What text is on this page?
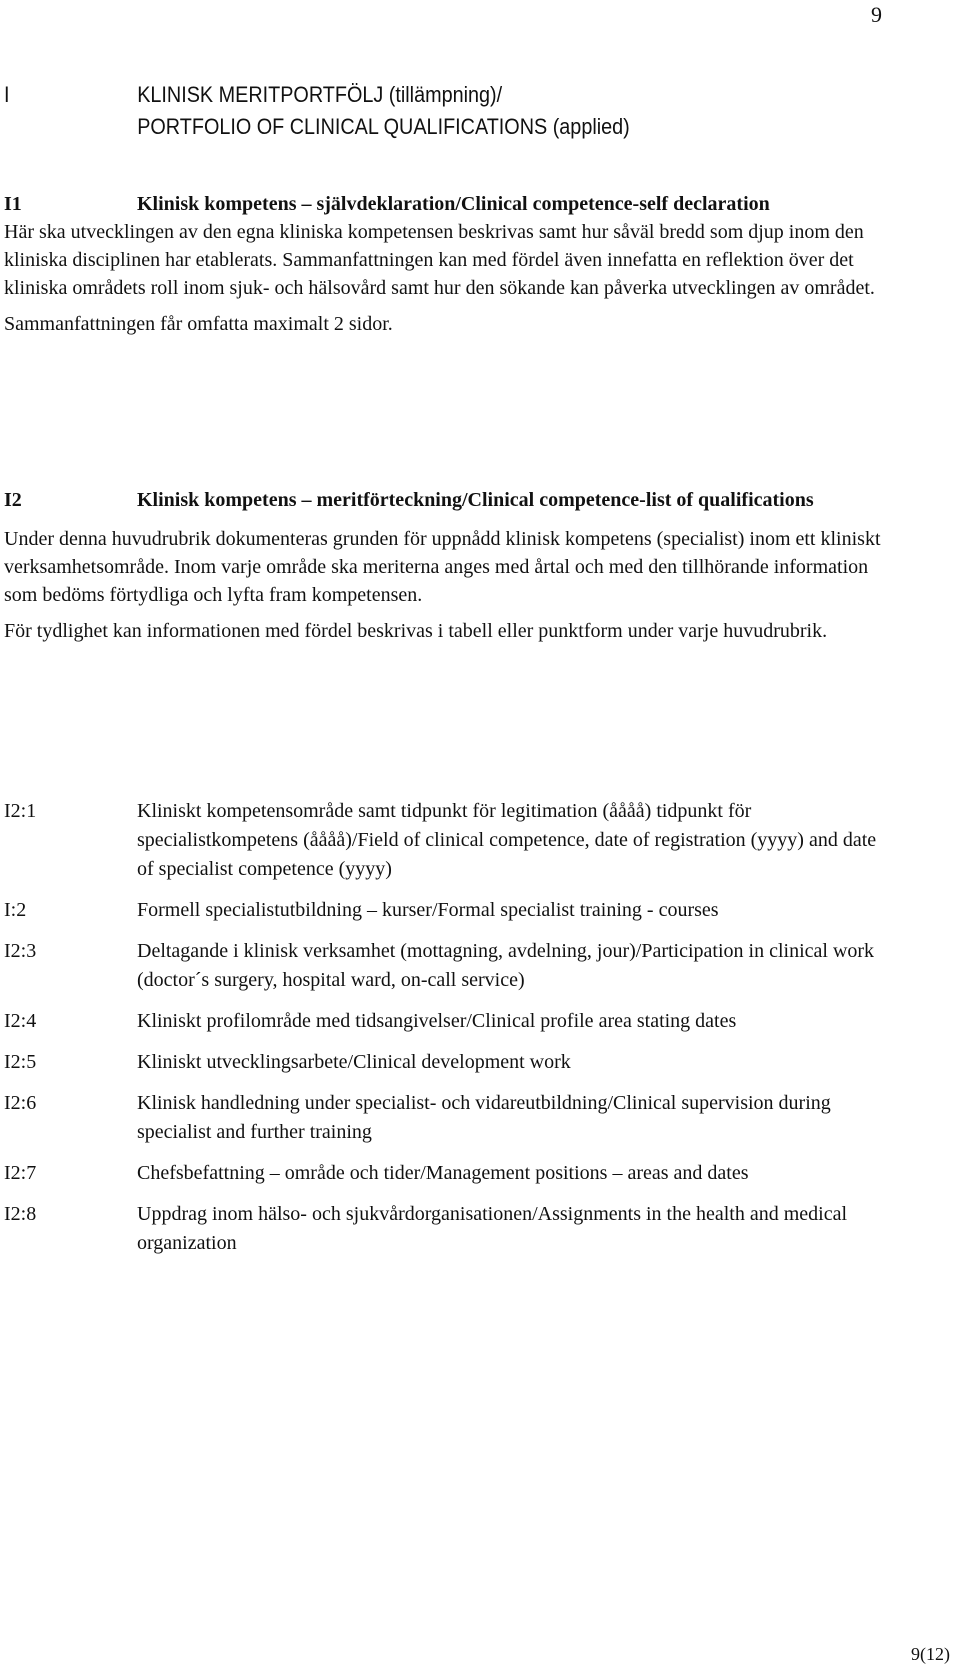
9
I	KLINISK MERITPORTFÖLJ (tillämpning)/
PORTFOLIO OF CLINICAL QUALIFICATIONS (applied)
I1	Klinisk kompetens – självdeklaration/Clinical competence-self declaration

Här ska utvecklingen av den egna kliniska kompetensen beskrivas samt hur såväl bredd som djup inom den kliniska disciplinen har etablerats. Sammanfattningen kan med fördel även innefatta en reflektion över det kliniska områdets roll inom sjuk- och hälsovård samt hur den sökande kan påverka utvecklingen av området.

Sammanfattningen får omfatta maximalt 2 sidor.

I2	Klinisk kompetens – meritförteckning/Clinical competence-list of qualifications

Under denna huvudrubrik dokumenteras grunden för uppnådd klinisk kompetens (specialist) inom ett kliniskt verksamhetsområde. Inom varje område ska meriterna anges med årtal och med den tillhörande information som bedöms förtydliga och lyfta fram kompetensen.

För tydlighet kan informationen med fördel beskrivas i tabell eller punktform under varje huvudrubrik.

I2:1	Kliniskt kompetensområde samt tidpunkt för legitimation (åååå) tidpunkt för specialistkompetens (åååå)/Field of clinical competence, date of registration (yyyy) and date of specialist competence (yyyy)
I:2	Formell specialistutbildning – kurser/Formal specialist training - courses
I2:3	Deltagande i klinisk verksamhet (mottagning, avdelning, jour)/Participation in clinical work (doctor´s surgery, hospital ward, on-call service)
I2:4	Kliniskt profilområde med tidsangivelser/Clinical profile area stating dates
I2:5	Kliniskt utvecklingsarbete/Clinical development work
I2:6	Klinisk handledning under specialist- och vidareutbildning/Clinical supervision during specialist and further training
I2:7	Chefsbefattning – område och tider/Management positions – areas and dates
I2:8	Uppdrag inom hälso- och sjukvårdorganisationen/Assignments in the health and medical organization
9(12)
